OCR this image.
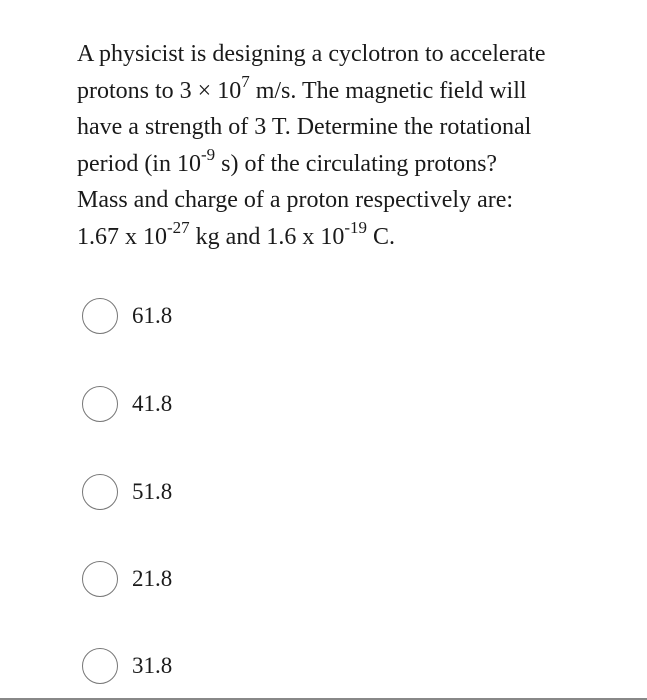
A physicist is designing a cyclotron to accelerate
protons to $3 \times 10^7$ m/s. The magnetic field will
have a strength of 3 T. Determine the rotational
period (in $10^{-9}$ s) of the circulating protons?
Mass and charge of a proton respectively are:
1.67 x $10^{-27}$ kg and 1.6 x $10^{-19}$ C.
61.8
41.8
51.8
21.8
31.8
